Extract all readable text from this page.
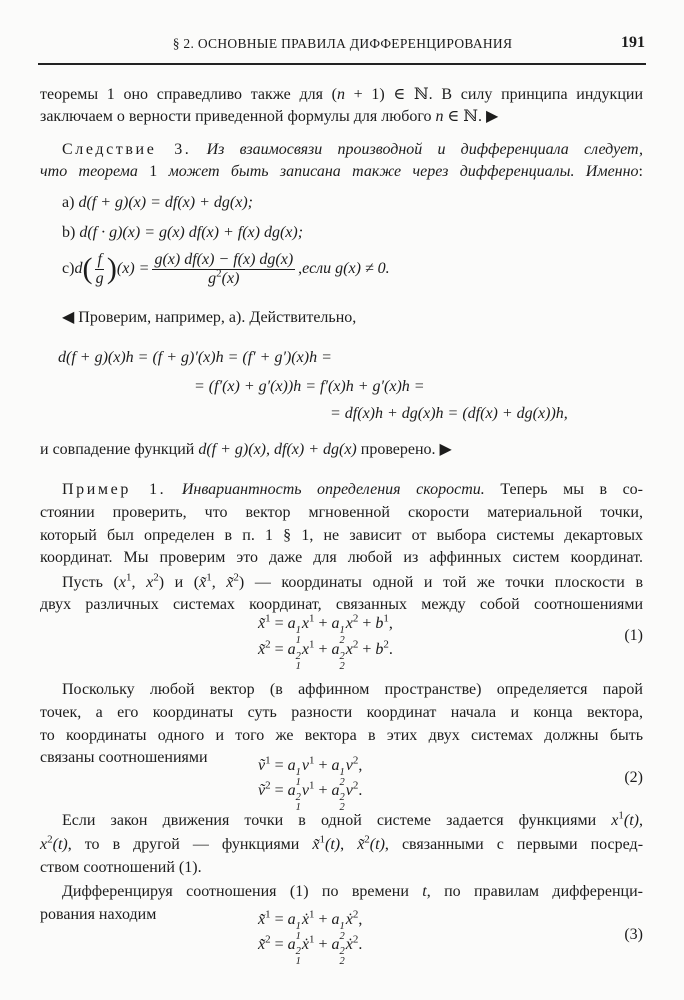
§ 2. ОСНОВНЫЕ ПРАВИЛА ДИФФЕРЕНЦИРОВАНИЯ	191
теоремы 1 оно справедливо также для (n + 1) ∈ ℕ. В силу принципа индукции
заключаем о верности приведенной формулы для любого n ∈ ℕ. ▶
Следствие 3. Из взаимосвязи производной и дифференциала следует,
что теорема 1 может быть записана также через дифференциалы. Именно:
a) d(f + g)(x) = df(x) + dg(x);
b) d(f · g)(x) = g(x) df(x) + f(x) dg(x);
c) d ( $\frac{f}{g}$ ) $(x) = \frac{g(x) df(x) - f(x) dg(x)}{g^2(x)}$ , если g(x) ≠ 0.
◀ Проверим, например, а). Действительно,
d(f + g)(x)h = (f + g)′(x)h = (f′ + g′)(x)h =
= (f′(x) + g′(x))h = f′(x)h + g′(x)h =
= df(x)h + dg(x)h = (df(x) + dg(x))h,
и совпадение функций d(f + g)(x), df(x) + dg(x) проверено. ▶
Пример 1. Инвариантность определения скорости. Теперь мы в со-
стоянии проверить, что вектор мгновенной скорости материальной точки,
который был определен в п. 1 § 1, не зависит от выбора системы декартовых
координат. Мы проверим это даже для любой из аффинных систем координат.
Пусть ($x^1$, $x^2$) и (x̃$^1$, x̃$^2$) — координаты одной и той же точки плоскости в
двух различных системах координат, связанных между собой соотношениями
x̃$^1$ = a 1
1
$x^1 + a$ 1
2
$x^2 + b^1$,
x̃$^2$ = a 2
1
$x^1 + a$ 2
2
$x^2 + b^2$.
(1)
Поскольку любой вектор (в аффинном пространстве) определяется парой
точек, а его координаты суть разности координат начала и конца вектора,
то координаты одного и того же вектора в этих двух системах должны быть
связаны соотношениями	ṽ$^1$ = a 1
1
$v^1 + a$ 1
2
$v^2$,
ṽ$^2$ = a 2
1
$v^1 + a$ 2
2
$v^2$.
(2)
Если закон движения точки в одной системе задается функциями $x^1(t)$,
$x^2(t)$, то в другой — функциями x̃$^1$(t), x̃$^2$(t), связанными с первыми посред-
ством соотношений (1).
Дифференцируя соотношения (1) по времени t, по правилам дифференци-
рования находим	x̃̇$^1$ = a 1
1
ẋ$^1$ + a 1
2
ẋ$^2$,
x̃̇$^2$ = a 2
1
ẋ$^1$ + a 2
2
ẋ$^2$.
(3)
